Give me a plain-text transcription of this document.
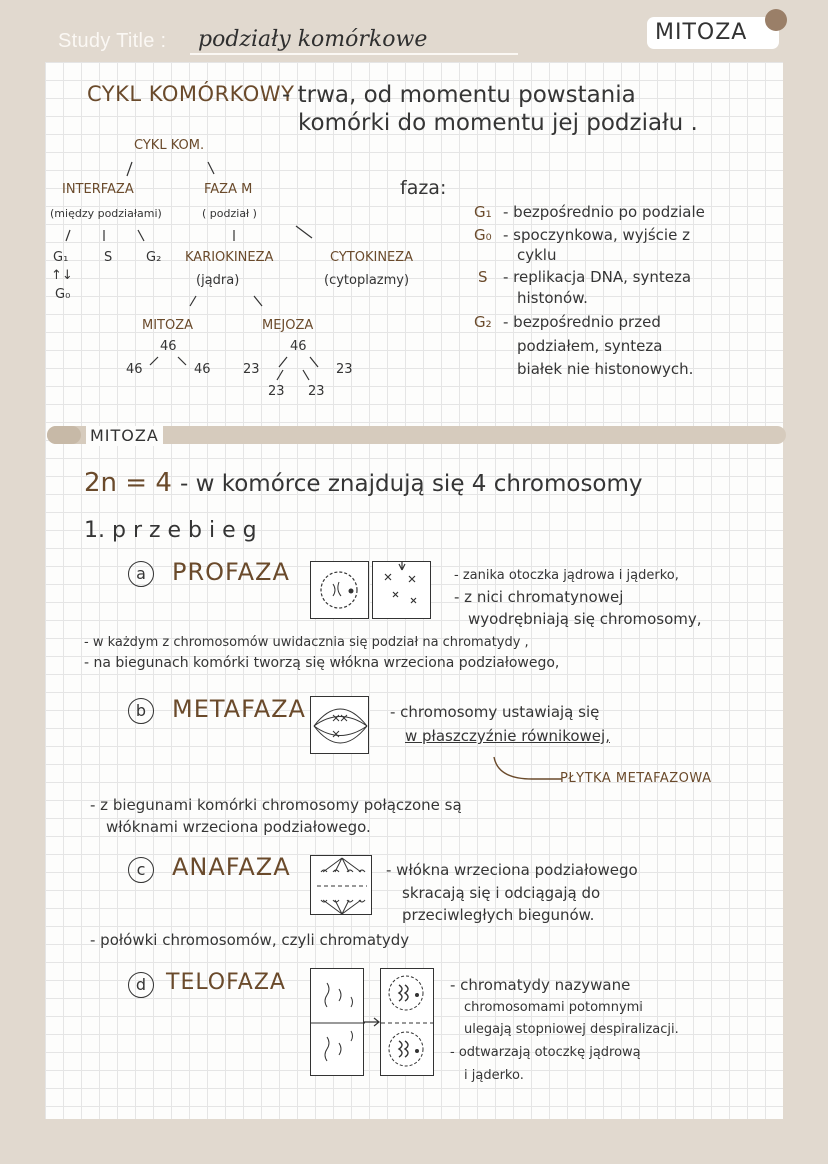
Study Title : podziały komórkowe	MITOZA
CYKL KOMÓRKOWY
- trwa, od momentu powstania
komórki do momentu jej podziału .
CYKL KOM.
INTERFAZA
(między podziałami)
FAZA M
( podział )
G₁
↑↓
G₀
S	G₂ KARIOKINEZA
(jądra)
CYTOKINEZA
(cytoplazmy)
MITOZA
46
46	46
MEJOZA
46
23	23
23 23
faza:
G₁ - bezpośrednio po podziale
G₀ - spoczynkowa, wyjście z
cyklu
S - replikacja DNA, synteza
histonów.
G₂ - bezpośrednio przed
podziałem, synteza
białek nie histonowych.
MITOZA
2n = 4 - w komórce znajdują się 4 chromosomy
1. p r z e b i e g
a	PROFAZA	- zanika otoczka jądrowa i jąderko,
- z nici chromatynowej
wyodrębniają się chromosomy,
- w każdym z chromosomów uwidacznia się podział na chromatydy ,
- na biegunach komórki tworzą się włókna wrzeciona podziałowego,
b	METAFAZA	- chromosomy ustawiają się
w płaszczyźnie równikowej,
PŁYTKA METAFAZOWA
- z biegunami komórki chromosomy połączone są
włóknami wrzeciona podziałowego.
c	ANAFAZA	- włókna wrzeciona podziałowego
skracają się i odciągają do
przeciwległych biegunów.
- połówki chromosomów, czyli chromatydy
d TELOFAZA	- chromatydy nazywane
chromosomami potomnymi
ulegają stopniowej despiralizacji.
- odtwarzają otoczkę jądrową
i jąderko.
